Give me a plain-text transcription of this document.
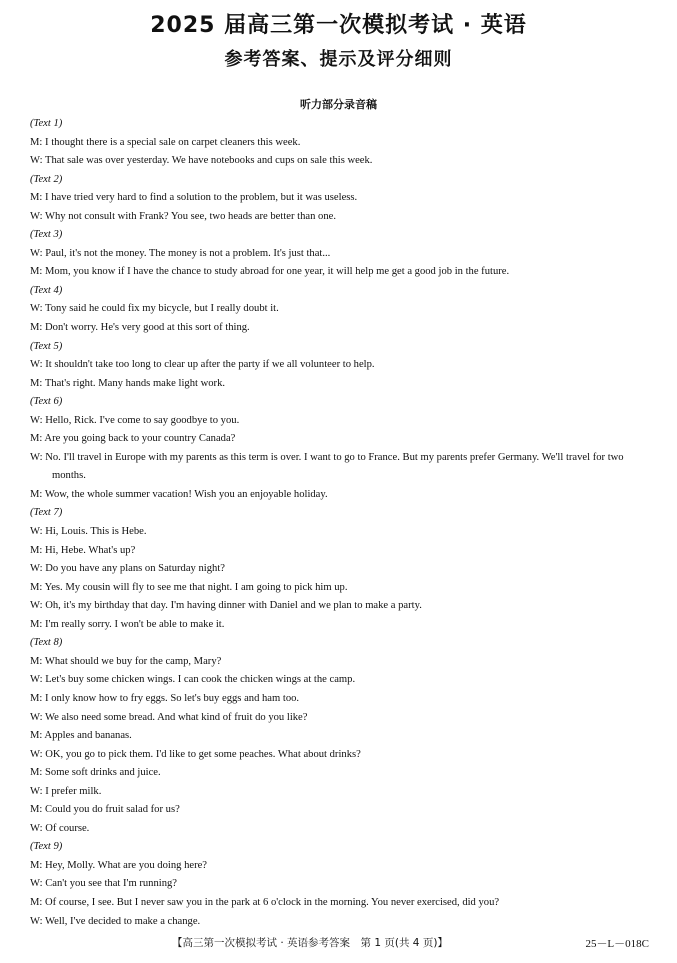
2025 届高三第一次模拟考试 · 英语
参考答案、提示及评分细则
听力部分录音稿
(Text 1)
M: I thought there is a special sale on carpet cleaners this week.
W: That sale was over yesterday. We have notebooks and cups on sale this week.
(Text 2)
M: I have tried very hard to find a solution to the problem, but it was useless.
W: Why not consult with Frank? You see, two heads are better than one.
(Text 3)
W: Paul, it's not the money. The money is not a problem. It's just that...
M: Mom, you know if I have the chance to study abroad for one year, it will help me get a good job in the future.
(Text 4)
W: Tony said he could fix my bicycle, but I really doubt it.
M: Don't worry. He's very good at this sort of thing.
(Text 5)
W: It shouldn't take too long to clear up after the party if we all volunteer to help.
M: That's right. Many hands make light work.
(Text 6)
W: Hello, Rick. I've come to say goodbye to you.
M: Are you going back to your country Canada?
W: No. I'll travel in Europe with my parents as this term is over. I want to go to France. But my parents prefer Germany. We'll travel for two months.
M: Wow, the whole summer vacation! Wish you an enjoyable holiday.
(Text 7)
W: Hi, Louis. This is Hebe.
M: Hi, Hebe. What's up?
W: Do you have any plans on Saturday night?
M: Yes. My cousin will fly to see me that night. I am going to pick him up.
W: Oh, it's my birthday that day. I'm having dinner with Daniel and we plan to make a party.
M: I'm really sorry. I won't be able to make it.
(Text 8)
M: What should we buy for the camp, Mary?
W: Let's buy some chicken wings. I can cook the chicken wings at the camp.
M: I only know how to fry eggs. So let's buy eggs and ham too.
W: We also need some bread. And what kind of fruit do you like?
M: Apples and bananas.
W: OK, you go to pick them. I'd like to get some peaches. What about drinks?
M: Some soft drinks and juice.
W: I prefer milk.
M: Could you do fruit salad for us?
W: Of course.
(Text 9)
M: Hey, Molly. What are you doing here?
W: Can't you see that I'm running?
M: Of course, I see. But I never saw you in the park at 6 o'clock in the morning. You never exercised, did you?
W: Well, I've decided to make a change.
【高三第一次模拟考试 · 英语参考答案　第 1 页(共 4 页)】	25－L－018C
